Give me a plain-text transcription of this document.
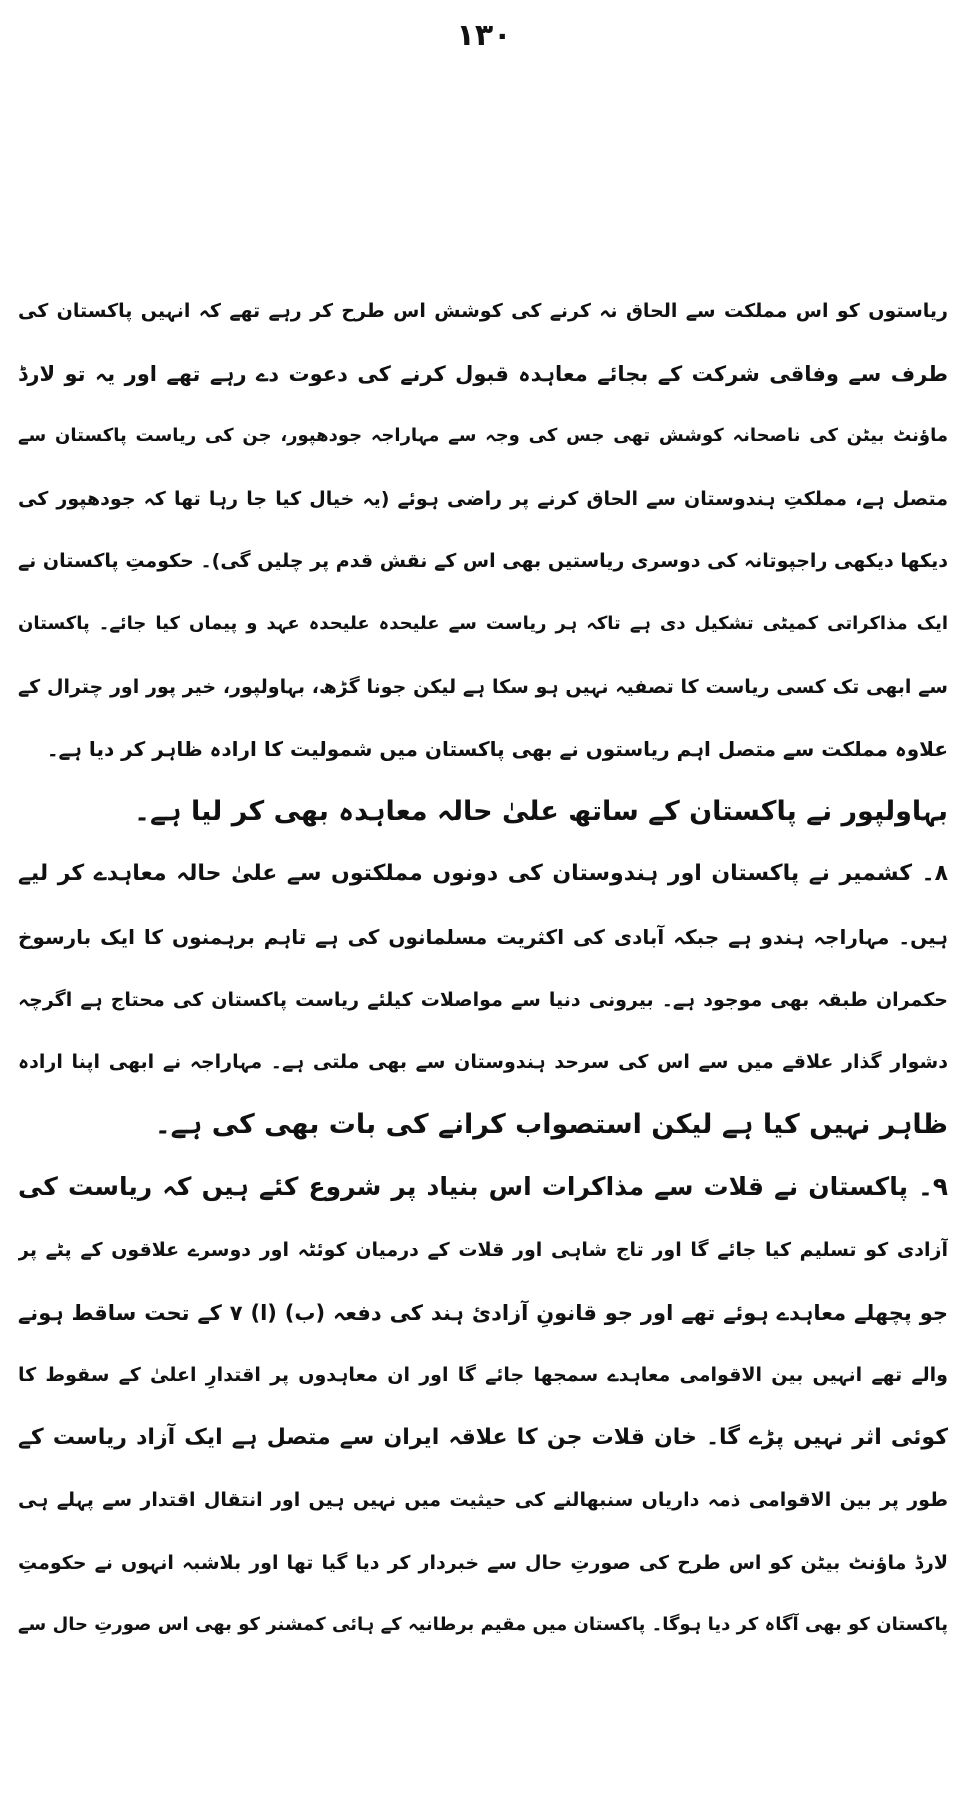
۱۳۰
ریاستوں کو اس مملکت سے الحاق نہ کرنے کی کوشش اس طرح کر رہے تھے کہ انہیں پاکستان کی
طرف سے وفاقی شرکت کے بجائے معاہدہ قبول کرنے کی دعوت دے رہے تھے اور یہ تو لارڈ
ماؤنٹ بیٹن کی ناصحانہ کوشش تھی جس کی وجہ سے مہاراجہ جودھپور، جن کی ریاست پاکستان سے
متصل ہے، مملکتِ ہندوستان سے الحاق کرنے پر راضی ہوئے (یہ خیال کیا جا رہا تھا کہ جودھپور کی
دیکھا دیکھی راجپوتانہ کی دوسری ریاستیں بھی اس کے نقش قدم پر چلیں گی)۔ حکومتِ پاکستان نے
ایک مذاکراتی کمیٹی تشکیل دی ہے تاکہ ہر ریاست سے علیحدہ علیحدہ عہد و پیماں کیا جائے۔ پاکستان
سے ابھی تک کسی ریاست کا تصفیہ نہیں ہو سکا ہے لیکن جونا گڑھ، بہاولپور، خیر پور اور چترال کے
علاوہ مملکت سے متصل اہم ریاستوں نے بھی پاکستان میں شمولیت کا ارادہ ظاہر کر دیا ہے۔
بہاولپور نے پاکستان کے ساتھ علیٰ حالہ معاہدہ بھی کر لیا ہے۔
۸۔ کشمیر نے پاکستان اور ہندوستان کی دونوں مملکتوں سے علیٰ حالہ معاہدے کر لیے
ہیں۔ مہاراجہ ہندو ہے جبکہ آبادی کی اکثریت مسلمانوں کی ہے تاہم برہمنوں کا ایک بارسوخ
حکمران طبقہ بھی موجود ہے۔ بیرونی دنیا سے مواصلات کیلئے ریاست پاکستان کی محتاج ہے اگرچہ
دشوار گذار علاقے میں سے اس کی سرحد ہندوستان سے بھی ملتی ہے۔ مہاراجہ نے ابھی اپنا ارادہ
ظاہر نہیں کیا ہے لیکن استصواب کرانے کی بات بھی کی ہے۔
۹۔ پاکستان نے قلات سے مذاکرات اس بنیاد پر شروع کئے ہیں کہ ریاست کی
آزادی کو تسلیم کیا جائے گا اور تاج شاہی اور قلات کے درمیان کوئٹہ اور دوسرے علاقوں کے پٹے پر
جو پچھلے معاہدے ہوئے تھے اور جو قانونِ آزادئ ہند کی دفعہ (ب) (ا) ۷ کے تحت ساقط ہونے
والے تھے انہیں بین الاقوامی معاہدے سمجھا جائے گا اور ان معاہدوں پر اقتدارِ اعلیٰ کے سقوط کا
کوئی اثر نہیں پڑے گا۔ خان قلات جن کا علاقہ ایران سے متصل ہے ایک آزاد ریاست کے
طور پر بین الاقوامی ذمہ داریاں سنبھالنے کی حیثیت میں نہیں ہیں اور انتقال اقتدار سے پہلے ہی
لارڈ ماؤنٹ بیٹن کو اس طرح کی صورتِ حال سے خبردار کر دیا گیا تھا اور بلاشبہ انہوں نے حکومتِ
پاکستان کو بھی آگاہ کر دیا ہوگا۔ پاکستان میں مقیم برطانیہ کے ہائی کمشنر کو بھی اس صورتِ حال سے
